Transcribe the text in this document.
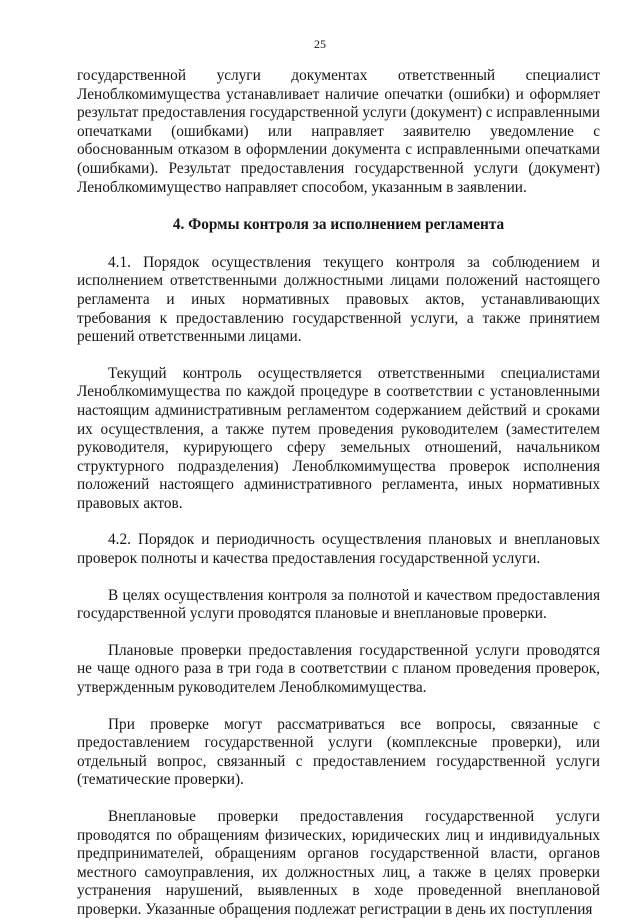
25

государственной услуги документах ответственный специалист Леноблкомимущества устанавливает наличие опечатки (ошибки) и оформляет результат предоставления государственной услуги (документ) с исправленными опечатками (ошибками) или направляет заявителю уведомление с обоснованным отказом в оформлении документа с исправленными опечатками (ошибками). Результат предоставления государственной услуги (документ) Леноблкомимущество направляет способом, указанным в заявлении.

4. Формы контроля за исполнением регламента

4.1. Порядок осуществления текущего контроля за соблюдением и исполнением ответственными должностными лицами положений настоящего регламента и иных нормативных правовых актов, устанавливающих требования к предоставлению государственной услуги, а также принятием решений ответственными лицами.

Текущий контроль осуществляется ответственными специалистами Леноблкомимущества по каждой процедуре в соответствии с установленными настоящим административным регламентом содержанием действий и сроками их осуществления, а также путем проведения руководителем (заместителем руководителя, курирующего сферу земельных отношений, начальником структурного подразделения) Леноблкомимущества проверок исполнения положений настоящего административного регламента, иных нормативных правовых актов.

4.2. Порядок и периодичность осуществления плановых и внеплановых проверок полноты и качества предоставления государственной услуги.

В целях осуществления контроля за полнотой и качеством предоставления государственной услуги проводятся плановые и внеплановые проверки.

Плановые проверки предоставления государственной услуги проводятся не чаще одного раза в три года в соответствии с планом проведения проверок, утвержденным руководителем Леноблкомимущества.

При проверке могут рассматриваться все вопросы, связанные с предоставлением государственной услуги (комплексные проверки), или отдельный вопрос, связанный с предоставлением государственной услуги (тематические проверки).

Внеплановые проверки предоставления государственной услуги проводятся по обращениям физических, юридических лиц и индивидуальных предпринимателей, обращениям органов государственной власти, органов местного самоуправления, их должностных лиц, а также в целях проверки устранения нарушений, выявленных в ходе проведенной внеплановой проверки. Указанные обращения подлежат регистрации в день их поступления
